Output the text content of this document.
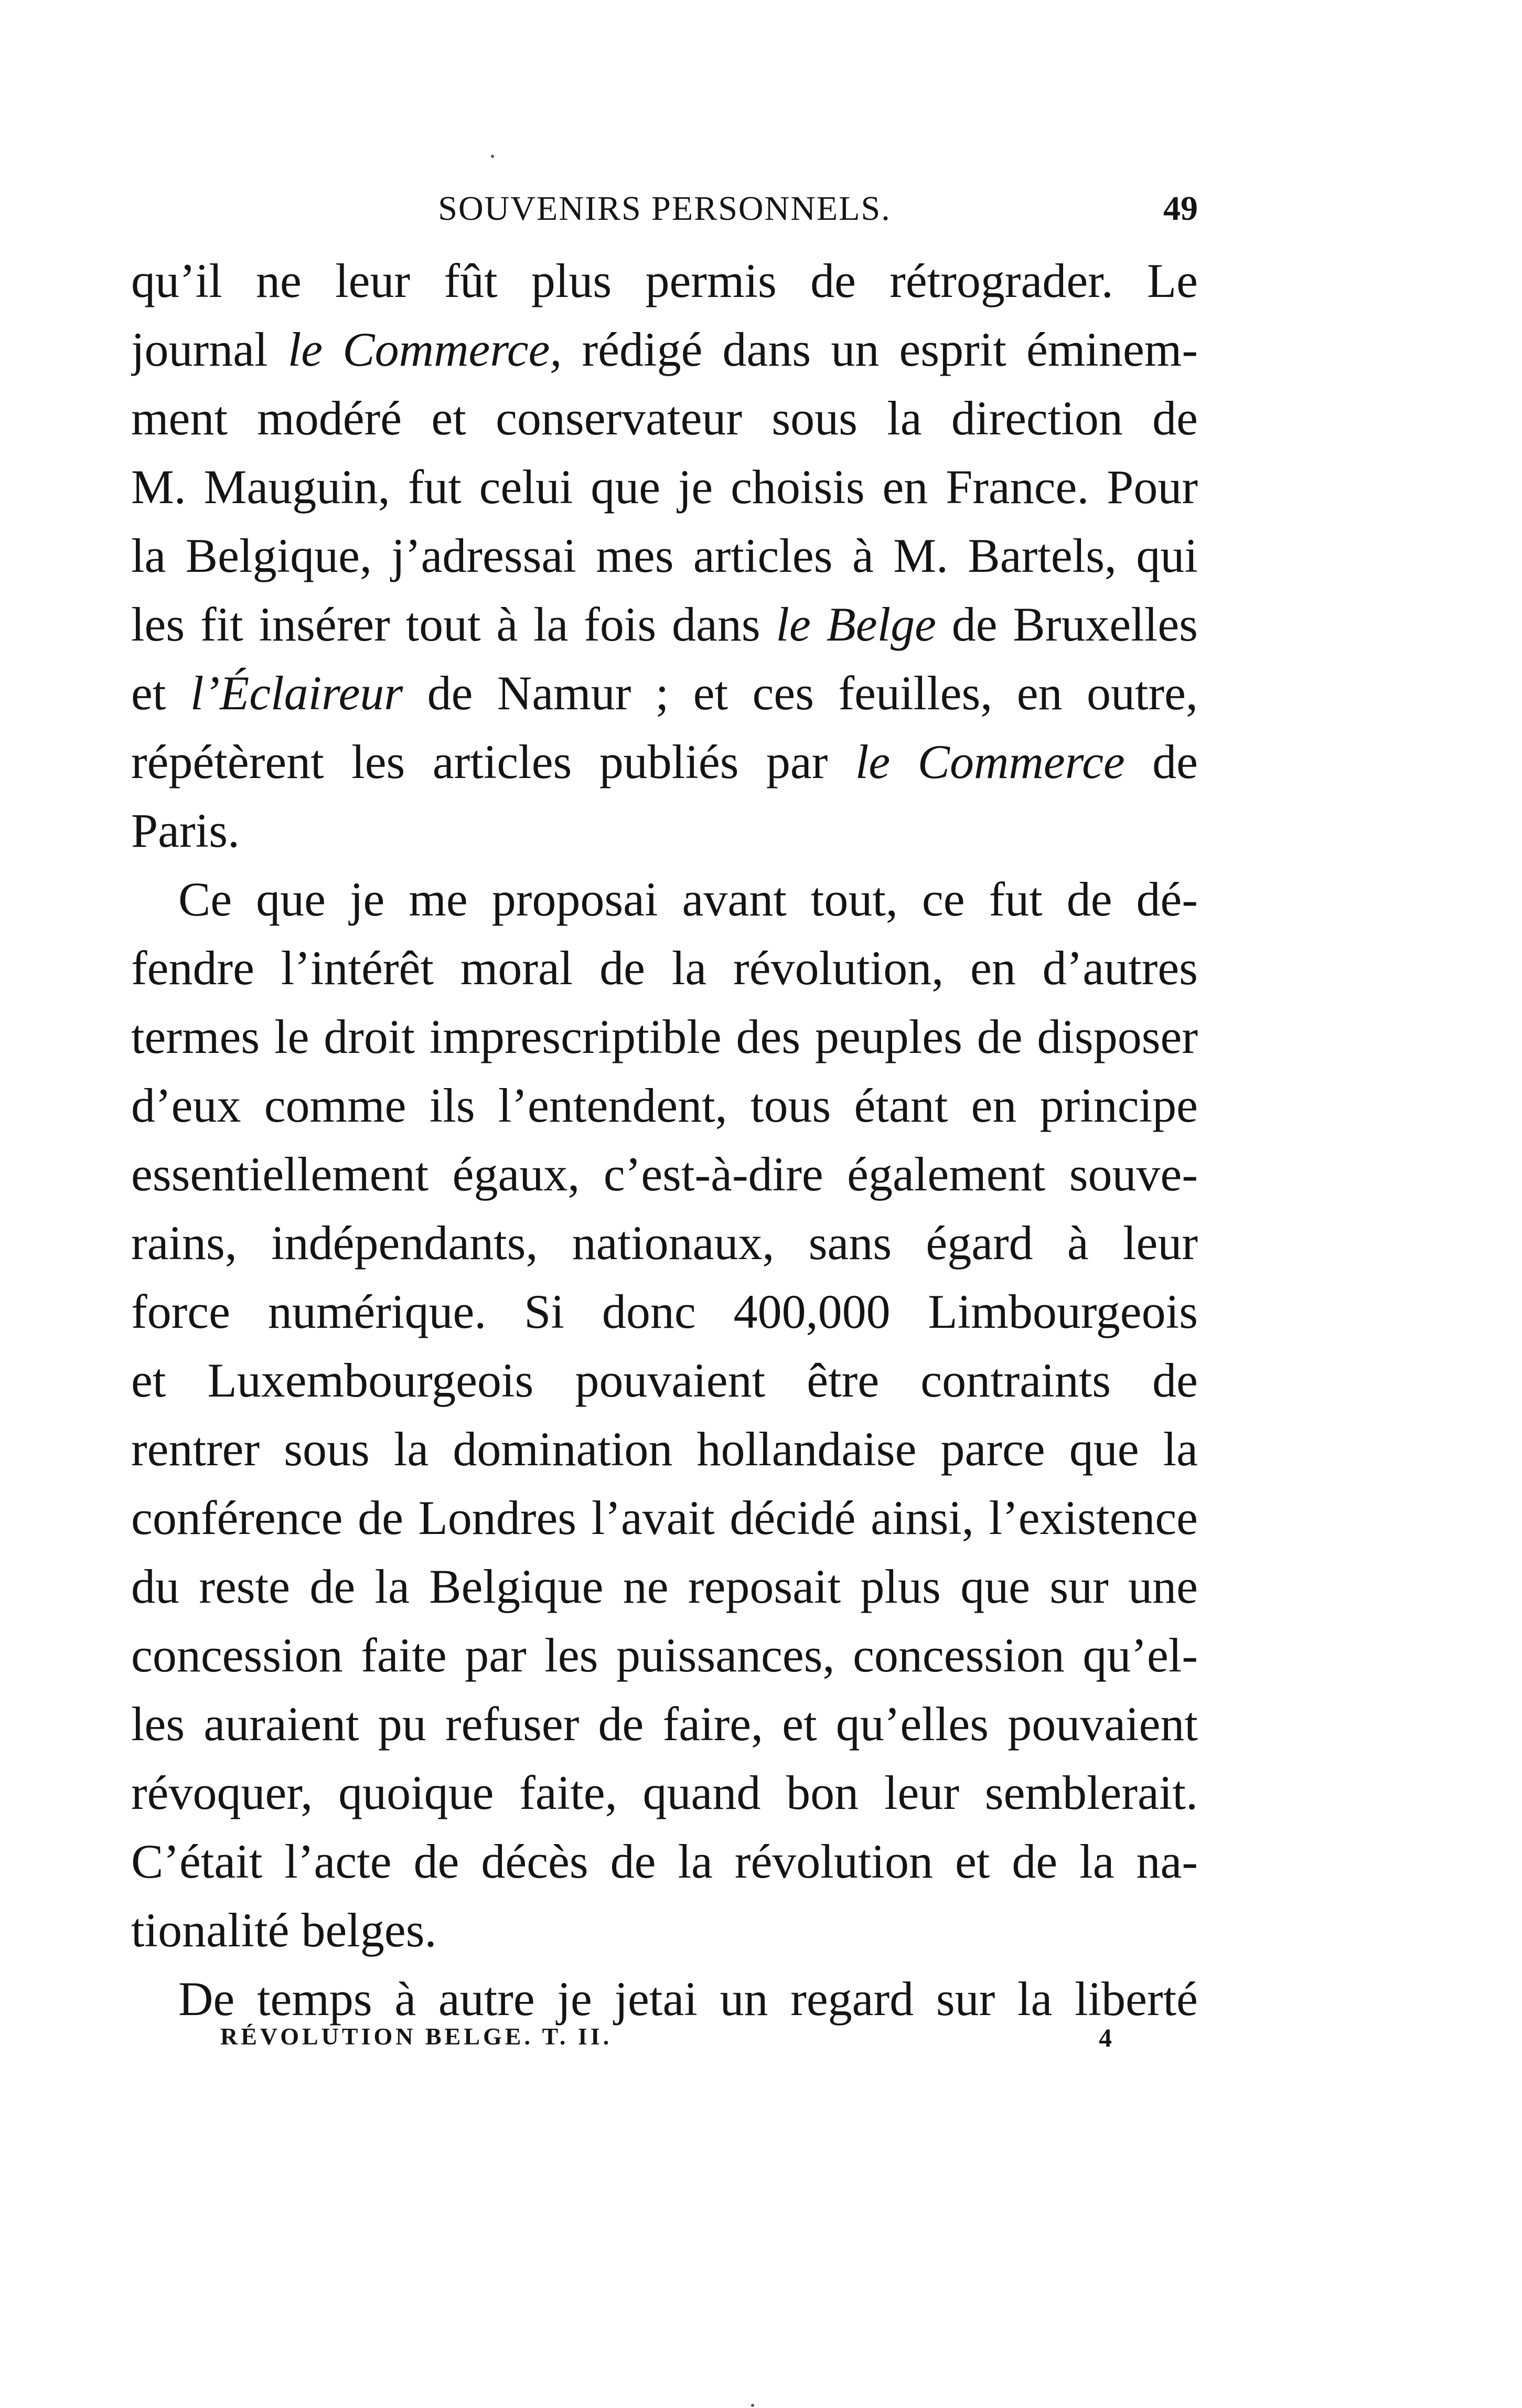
SOUVENIRS PERSONNELS.	49
qu’il ne leur fût plus permis de rétrograder. Le
journal le Commerce, rédigé dans un esprit éminem-
ment modéré et conservateur sous la direction de
M. Mauguin, fut celui que je choisis en France. Pour
la Belgique, j’adressai mes articles à M. Bartels, qui
les fit insérer tout à la fois dans le Belge de Bruxelles
et l’Éclaireur de Namur ; et ces feuilles, en outre,
répétèrent les articles publiés par le Commerce de
Paris.
Ce que je me proposai avant tout, ce fut de dé-
fendre l’intérêt moral de la révolution, en d’autres
termes le droit imprescriptible des peuples de disposer
d’eux comme ils l’entendent, tous étant en principe
essentiellement égaux, c’est-à-dire également souve-
rains, indépendants, nationaux, sans égard à leur
force numérique. Si donc 400,000 Limbourgeois
et Luxembourgeois pouvaient être contraints de
rentrer sous la domination hollandaise parce que la
conférence de Londres l’avait décidé ainsi, l’existence
du reste de la Belgique ne reposait plus que sur une
concession faite par les puissances, concession qu’el-
les auraient pu refuser de faire, et qu’elles pouvaient
révoquer, quoique faite, quand bon leur semblerait.
C’était l’acte de décès de la révolution et de la na-
tionalité belges.
De temps à autre je jetai un regard sur la liberté
RÉVOLUTION BELGE. T. II.	4
